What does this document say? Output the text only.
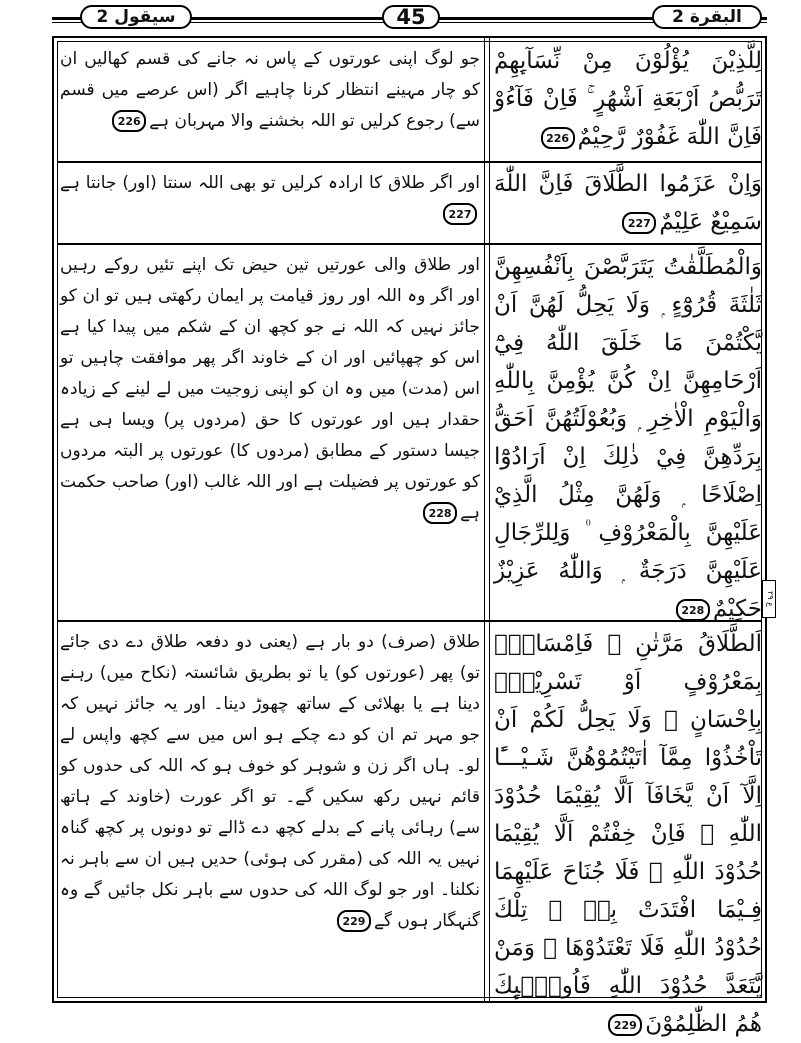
سیقول 2	45	البقرة 2

لِلَّذِيْنَ يُؤْلُوْنَ مِنْ نِّسَآىِٕهِمْ تَرَبُّصُ اَرْبَعَةِ اَشْهُرٍ ۚ فَاِنْ فَآءُوْ فَاِنَّ اللّٰهَ غَفُوْرٌ رَّحِيْمٌ226

جو لوگ اپنی عورتوں کے پاس نہ جانے کی قسم کھالیں ان کو چار مہینے انتظار کرنا چاہیے اگر (اس عرصے میں قسم سے) رجوع کرلیں تو اللہ بخشنے والا مہربان ہے226

وَاِنْ عَزَمُوا الطَّلَاقَ فَاِنَّ اللّٰهَ سَمِيْعٌ عَلِيْمٌ227

اور اگر طلاق کا ارادہ کرلیں تو بھی اللہ سنتا (اور) جانتا ہے227

وَالْمُطَلَّقٰتُ يَتَرَبَّصْنَ بِاَنْفُسِهِنَّ ثَلٰثَةَ قُرُوْٓءٍ ۭ وَلَا يَحِلُّ لَهُنَّ اَنْ يَّكْتُمْنَ مَا خَلَقَ اللّٰهُ فِيْٓ اَرْحَامِهِنَّ اِنْ كُنَّ يُؤْمِنَّ بِاللّٰهِ وَالْيَوْمِ الْاٰخِرِ ۭ وَبُعُوْلَتُهُنَّ اَحَقُّ بِرَدِّهِنَّ فِيْ ذٰلِكَ اِنْ اَرَادُوْٓا اِصْلَاحًا ۭ وَلَهُنَّ مِثْلُ الَّذِيْ عَلَيْهِنَّ بِالْمَعْرُوْفِ ۠ وَلِلرِّجَالِ عَلَيْهِنَّ دَرَجَةٌ ۭ وَاللّٰهُ عَزِيْزٌ حَكِيْمٌ228

اور طلاق والی عورتیں تین حیض تک اپنے تئیں روکے رہیں اور اگر وہ اللہ اور روز قیامت پر ایمان رکھتی ہیں تو ان کو جائز نہیں کہ اللہ نے جو کچھ ان کے شکم میں پیدا کیا ہے اس کو چھپائیں اور ان کے خاوند اگر پھر موافقت چاہیں تو اس (مدت) میں وہ ان کو اپنی زوجیت میں لے لینے کے زیادہ حقدار ہیں اور عورتوں کا حق (مردوں پر) ویسا ہی ہے جیسا دستور کے مطابق (مردوں کا) عورتوں پر البتہ مردوں کو عورتوں پر فضیلت ہے اور اللہ غالب (اور) صاحب حکمت ہے228

ع ۲۹

اَلطَّلَاقُ مَرَّتٰنِ ۠ فَاِمْسَاكٌۢ بِمَعْرُوْفٍ اَوْ تَسْرِيْحٌۢ بِاِحْسَانٍ ۭ وَلَا يَحِلُّ لَكُمْ اَنْ تَاْخُذُوْا مِمَّآ اٰتَيْتُمُوْھُنَّ شَـيْـــًٔا اِلَّآ اَنْ يَّخَافَآ اَلَّا يُقِيْمَا حُدُوْدَ اللّٰهِ ۭ فَاِنْ خِفْتُمْ اَلَّا يُقِيْمَا حُدُوْدَ اللّٰهِ ۙ فَلَا جُنَاحَ عَلَيْهِمَا فِـيْمَا افْتَدَتْ بِهٖ ۭ تِلْكَ حُدُوْدُ اللّٰهِ فَلَا تَعْتَدُوْھَا ۚ وَمَنْ يَّتَعَدَّ حُدُوْدَ اللّٰهِ فَاُولٰۗىِٕكَ ھُمُ الظّٰلِمُوْنَ229

طلاق (صرف) دو بار ہے (یعنی دو دفعہ طلاق دے دی جائے تو) پھر (عورتوں کو) یا تو بطریق شائستہ (نکاح میں) رہنے دینا ہے یا بھلائی کے ساتھ چھوڑ دینا۔ اور یہ جائز نہیں کہ جو مہر تم ان کو دے چکے ہو اس میں سے کچھ واپس لے لو۔ ہاں اگر زن و شوہر کو خوف ہو کہ اللہ کی حدوں کو قائم نہیں رکھ سکیں گے۔ تو اگر عورت (خاوند کے ہاتھ سے) رہائی پانے کے بدلے کچھ دے ڈالے تو دونوں پر کچھ گناہ نہیں یہ اللہ کی (مقرر کی ہوئی) حدیں ہیں ان سے باہر نہ نکلنا۔ اور جو لوگ اللہ کی حدوں سے باہر نکل جائیں گے وہ گنہگار ہوں گے229
